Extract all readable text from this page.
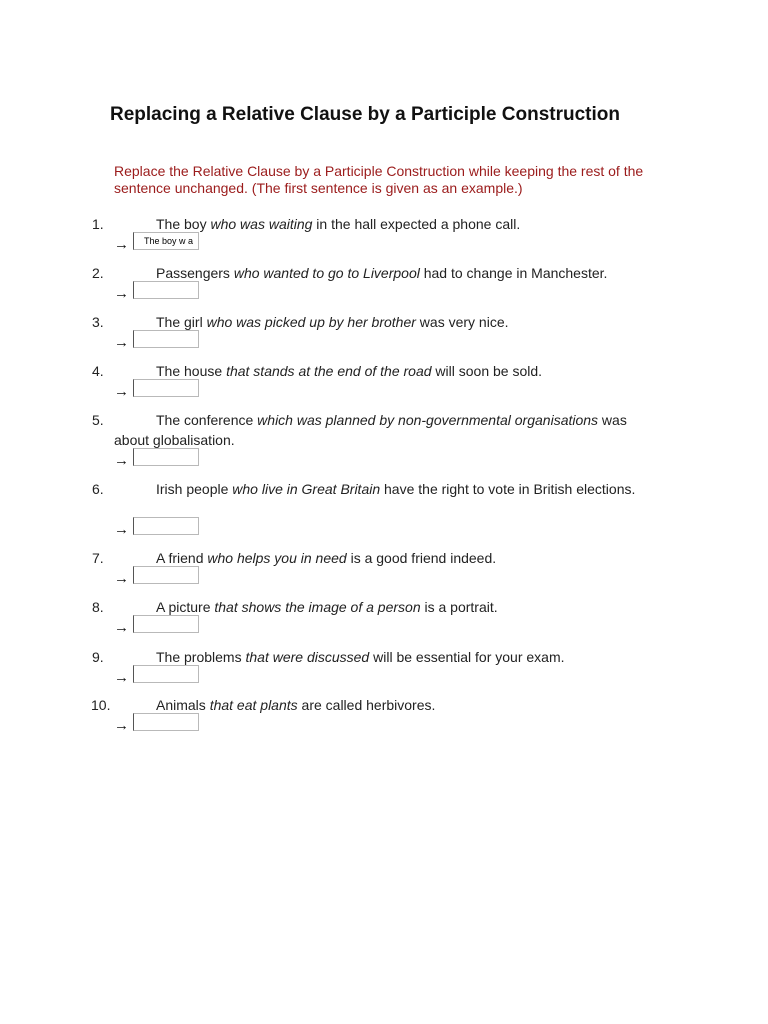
Replacing a Relative Clause by a Participle Construction

Replace the Relative Clause by a Participle Construction while keeping the rest of the sentence unchanged. (The first sentence is given as an example.)

1.	The boy who was waiting in the hall expected a phone call.

→
The boy w a
2.	Passengers who wanted to go to Liverpool had to change in Manchester.

→
3.	The girl who was picked up by her brother was very nice.

→
4.	The house that stands at the end of the road will soon be sold.

→
5.	The conference which was planned by non-governmental organisations was about globalisation.

→
6.	Irish people who live in Great Britain have the right to vote in British elections.

→
7.	A friend who helps you in need is a good friend indeed.

→
8.	A picture that shows the image of a person is a portrait.

→
9.	The problems that were discussed will be essential for your exam.

→
10.	Animals that eat plants are called herbivores.

→
